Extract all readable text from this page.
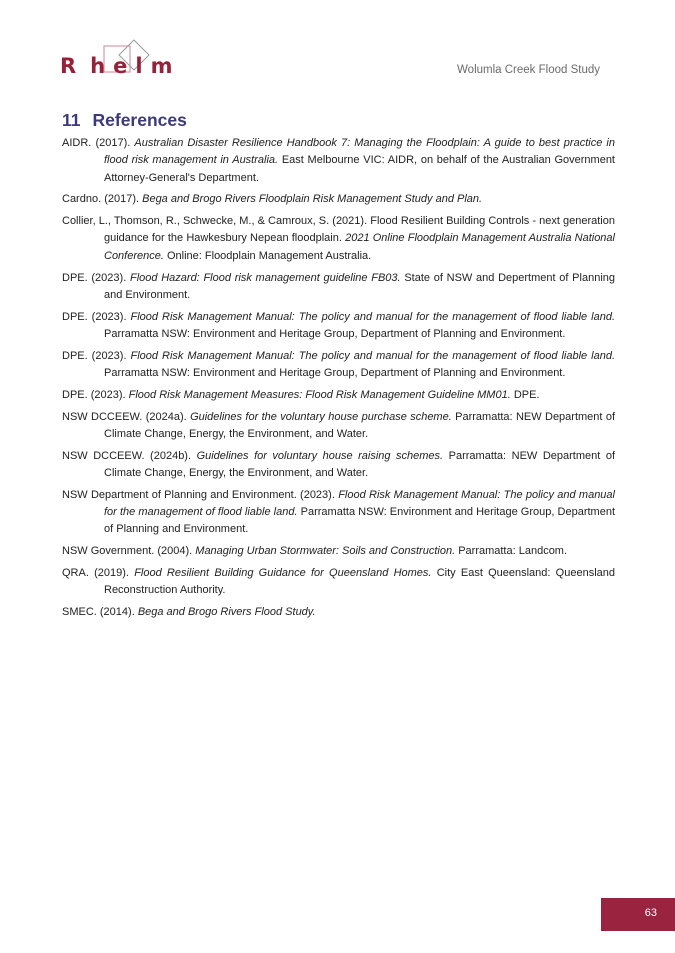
R h e l m	Wolumla Creek Flood Study
11 References
AIDR. (2017). Australian Disaster Resilience Handbook 7: Managing the Floodplain: A guide to best practice in flood risk management in Australia. East Melbourne VIC: AIDR, on behalf of the Australian Government Attorney-General's Department.
Cardno. (2017). Bega and Brogo Rivers Floodplain Risk Management Study and Plan.
Collier, L., Thomson, R., Schwecke, M., & Camroux, S. (2021). Flood Resilient Building Controls - next generation guidance for the Hawkesbury Nepean floodplain. 2021 Online Floodplain Management Australia National Conference. Online: Floodplain Management Australia.
DPE. (2023). Flood Hazard: Flood risk management guideline FB03. State of NSW and Depertment of Planning and Environment.
DPE. (2023). Flood Risk Management Manual: The policy and manual for the management of flood liable land. Parramatta NSW: Environment and Heritage Group, Department of Planning and Environment.
DPE. (2023). Flood Risk Management Manual: The policy and manual for the management of flood liable land. Parramatta NSW: Environment and Heritage Group, Department of Planning and Environment.
DPE. (2023). Flood Risk Management Measures: Flood Risk Management Guideline MM01. DPE.
NSW DCCEEW. (2024a). Guidelines for the voluntary house purchase scheme. Parramatta: NEW Department of Climate Change, Energy, the Environment, and Water.
NSW DCCEEW. (2024b). Guidelines for voluntary house raising schemes. Parramatta: NEW Department of Climate Change, Energy, the Environment, and Water.
NSW Department of Planning and Environment. (2023). Flood Risk Management Manual: The policy and manual for the management of flood liable land. Parramatta NSW: Environment and Heritage Group, Department of Planning and Environment.
NSW Government. (2004). Managing Urban Stormwater: Soils and Construction. Parramatta: Landcom.
QRA. (2019). Flood Resilient Building Guidance for Queensland Homes. City East Queensland: Queensland Reconstruction Authority.
SMEC. (2014). Bega and Brogo Rivers Flood Study.
63
